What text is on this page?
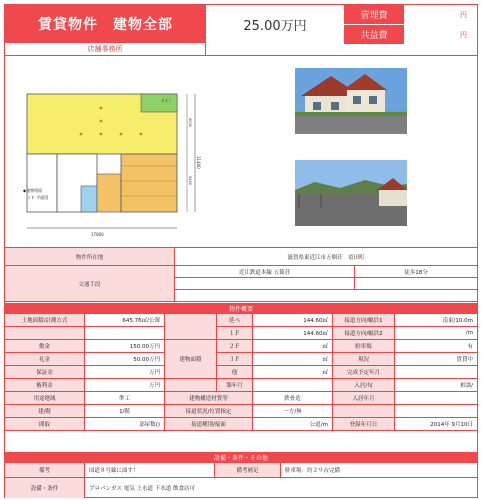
賃貸物件　建物全部	25.00万円
管理費	円
共益費	円
店舗事務所
タタミ
17800
11400
6000
5400
◆建物図面
１Ｆ 平面図
物件所在地	滋賀県東近江市五個荘　竜田町
交通手段
近江鉄道本線 五箇荘	徒歩18分
物件概要
土地面積/計測方式	645.76㎡/公簿
建物面積
延べ	144.60㎡	接道方向/幅員1	南東/10.0m
１Ｆ	144.60㎡	接道方向/幅員2	/m
敷金	150.00万円	２Ｆ	㎡	駐車場	有
礼金	50.00万円	３Ｆ	㎡	現況	賃貸中
保証金	万円	他	㎡	完成予定年月
権利金	万円	築年月	入居/旬	相談/
用途地域	準工	建物構造材質等	鉄骨造	入居年月
建/階	1/階	接道状況/位置指定	一方/無
間取	部屋数()	接道種別/接面	公道/m	登録年月日	2014年 9月10日
設備・条件・その他
備考	国道８号線に面す！	備考補足	駐車場：約２９台完備
設備・条件	プロパンガス 電気 上水道 下水道 飲食店可
